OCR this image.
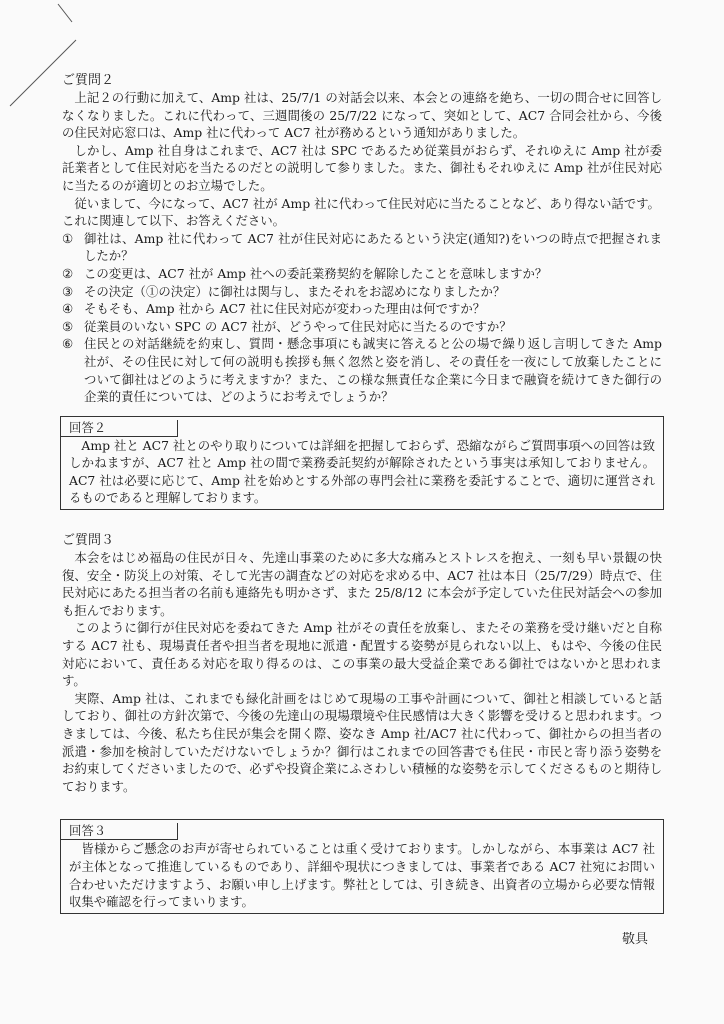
ご質問２

上記２の行動に加えて、Amp 社は、25/7/1 の対話会以来、本会との連絡を絶ち、一切の問合せに回答しなくなりました。これに代わって、三週間後の 25/7/22 になって、突如として、AC7 合同会社から、今後の住民対応窓口は、Amp 社に代わって AC7 社が務めるという通知がありました。

しかし、Amp 社自身はこれまで、AC7 社は SPC であるため従業員がおらず、それゆえに Amp 社が委託業者として住民対応を当たるのだとの説明して参りました。また、御社もそれゆえに Amp 社が住民対応に当たるのが適切とのお立場でした。

従いまして、今になって、AC7 社が Amp 社に代わって住民対応に当たることなど、あり得ない話です。

これに関連して以下、お答えください。

① 御社は、Amp 社に代わって AC7 社が住民対応にあたるという決定(通知?)をいつの時点で把握されましたか？
② この変更は、AC7 社が Amp 社への委託業務契約を解除したことを意味しますか？
③ その決定（①の決定）に御社は関与し、またそれをお認めになりましたか？
④ そもそも、Amp 社から AC7 社に住民対応が変わった理由は何ですか？
⑤ 従業員のいない SPC の AC7 社が、どうやって住民対応に当たるのですか？
⑥ 住民との対話継続を約束し、質問・懸念事項にも誠実に答えると公の場で繰り返し言明してきた Amp 社が、その住民に対して何の説明も挨拶も無く忽然と姿を消し、その責任を一夜にして放棄したことについて御社はどのように考えますか？また、この様な無責任な企業に今日まで融資を続けてきた御行の企業的責任については、どのようにお考えでしょうか？
回答２

Amp 社と AC7 社とのやり取りについては詳細を把握しておらず、恐縮ながらご質問事項への回答は致しかねますが、AC7 社と Amp 社の間で業務委託契約が解除されたという事実は承知しておりません。AC7 社は必要に応じて、Amp 社を始めとする外部の専門会社に業務を委託することで、適切に運営されるものであると理解しております。

ご質問３

本会をはじめ福島の住民が日々、先達山事業のために多大な痛みとストレスを抱え、一刻も早い景観の快復、安全・防災上の対策、そして光害の調査などの対応を求める中、AC7 社は本日（25/7/29）時点で、住民対応にあたる担当者の名前も連絡先も明かさず、また 25/8/12 に本会が予定していた住民対話会への参加も拒んでおります。

このように御行が住民対応を委ねてきた Amp 社がその責任を放棄し、またその業務を受け継いだと自称する AC7 社も、現場責任者や担当者を現地に派遣・配置する姿勢が見られない以上、もはや、今後の住民対応において、責任ある対応を取り得るのは、この事業の最大受益企業である御社ではないかと思われます。

実際、Amp 社は、これまでも緑化計画をはじめて現場の工事や計画について、御社と相談していると話しており、御社の方針次第で、今後の先達山の現場環境や住民感情は大きく影響を受けると思われます。つきましては、今後、私たち住民が集会を開く際、姿なき Amp 社/AC7 社に代わって、御社からの担当者の派遣・参加を検討していただけないでしょうか？御行はこれまでの回答書でも住民・市民と寄り添う姿勢をお約束してくださいましたので、必ずや投資企業にふさわしい積極的な姿勢を示してくださるものと期待しております。

回答３

皆様からご懸念のお声が寄せられていることは重く受けております。しかしながら、本事業は AC7 社が主体となって推進しているものであり、詳細や現状につきましては、事業者である AC7 社宛にお問い合わせいただけますよう、お願い申し上げます。弊社としては、引き続き、出資者の立場から必要な情報収集や確認を行ってまいります。

敬具
